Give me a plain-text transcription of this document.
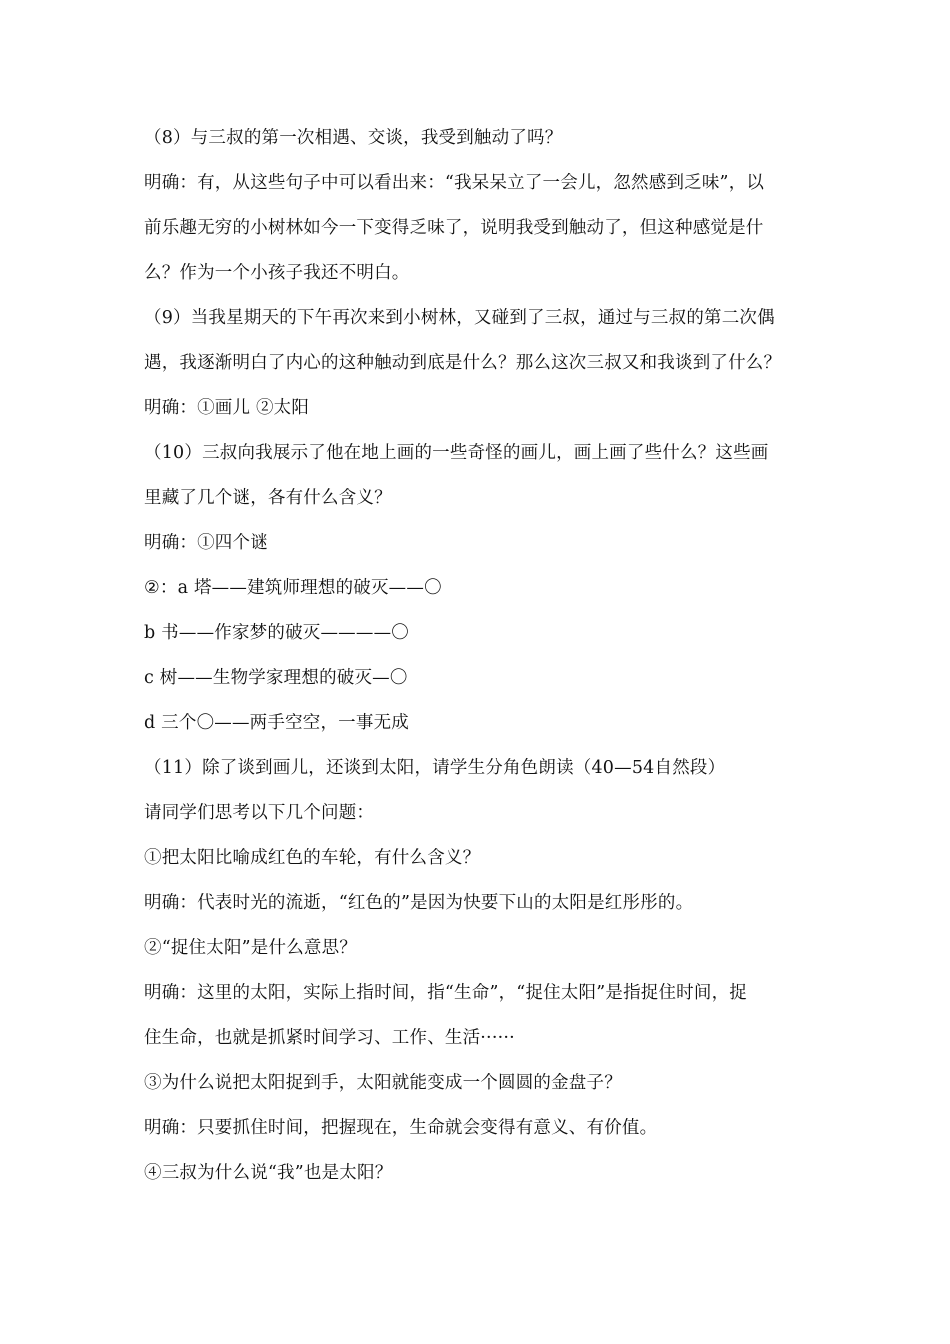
（8）与三叔的第一次相遇、交谈，我受到触动了吗？
明确：有，从这些句子中可以看出来：“我呆呆立了一会儿，忽然感到乏味”，以
前乐趣无穷的小树林如今一下变得乏味了，说明我受到触动了，但这种感觉是什
么？作为一个小孩子我还不明白。
（9）当我星期天的下午再次来到小树林，又碰到了三叔，通过与三叔的第二次偶
遇，我逐渐明白了内心的这种触动到底是什么？那么这次三叔又和我谈到了什么？
明确：①画儿 ②太阳
（10）三叔向我展示了他在地上画的一些奇怪的画儿，画上画了些什么？这些画
里藏了几个谜，各有什么含义？
明确：①四个谜
②：a 塔——建筑师理想的破灭——〇
b 书——作家梦的破灭————〇
c 树——生物学家理想的破灭—〇
d 三个〇——两手空空，一事无成
（11）除了谈到画儿，还谈到太阳，请学生分角色朗读（40—54自然段）
请同学们思考以下几个问题：
①把太阳比喻成红色的车轮，有什么含义？
明确：代表时光的流逝，“红色的”是因为快要下山的太阳是红彤彤的。
②“捉住太阳”是什么意思？
明确：这里的太阳，实际上指时间，指“生命”，“捉住太阳”是指捉住时间，捉
住生命，也就是抓紧时间学习、工作、生活······
③为什么说把太阳捉到手，太阳就能变成一个圆圆的金盘子？
明确：只要抓住时间，把握现在，生命就会变得有意义、有价值。
④三叔为什么说“我”也是太阳？
